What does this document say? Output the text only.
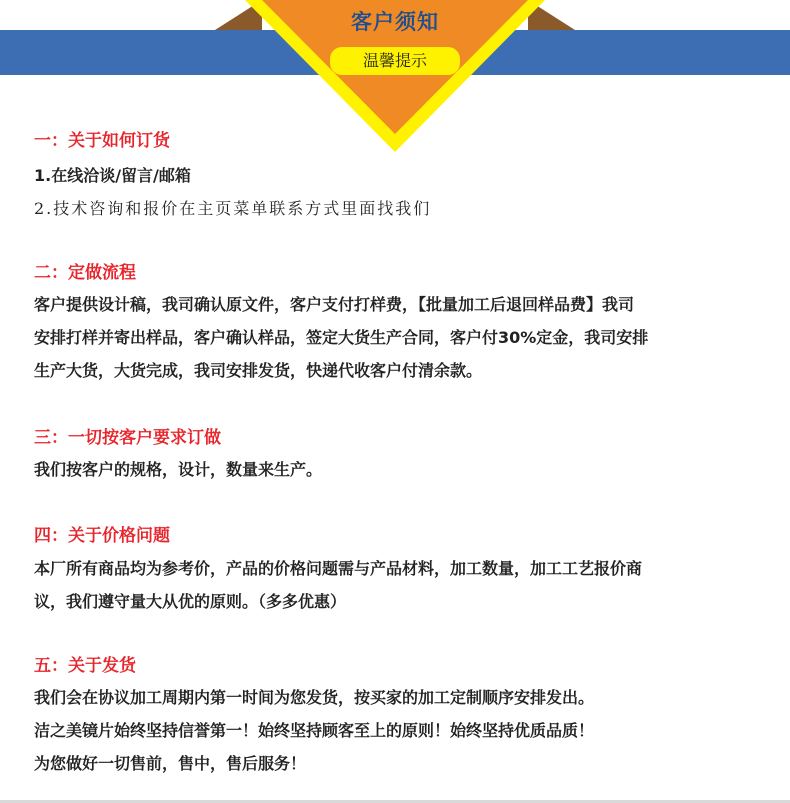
客户须知
温馨提示

一：关于如何订货

1.在线洽谈/留言/邮箱

2.技术咨询和报价在主页菜单联系方式里面找我们

二：定做流程

客户提供设计稿，我司确认原文件，客户支付打样费，【批量加工后退回样品费】我司

安排打样并寄出样品，客户确认样品，签定大货生产合同，客户付30%定金，我司安排

生产大货，大货完成，我司安排发货，快递代收客户付清余款。

三：一切按客户要求订做

我们按客户的规格，设计，数量来生产。

四：关于价格问题

本厂所有商品均为参考价，产品的价格问题需与产品材料，加工数量，加工工艺报价商

议，我们遵守量大从优的原则。（多多优惠）

五：关于发货

我们会在协议加工周期内第一时间为您发货，按买家的加工定制顺序安排发出。

洁之美镜片始终坚持信誉第一！始终坚持顾客至上的原则！始终坚持优质品质！

为您做好一切售前，售中，售后服务！
